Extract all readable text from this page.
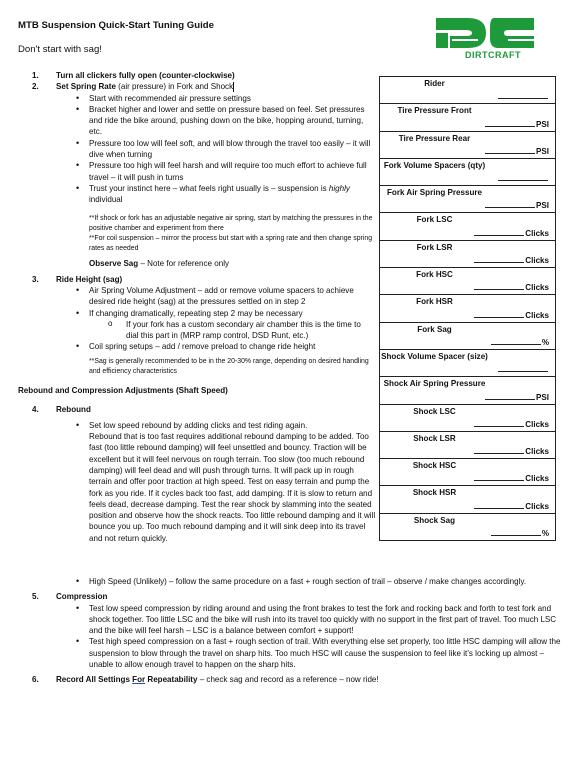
MTB Suspension Quick-Start Tuning Guide
Don't start with sag!	DIRTCRAFT
1.	Turn all clickers fully open (counter-clockwise)
2.	Set Spring Rate (air pressure) in Fork and Shock
• Start with recommended air pressure settings
• Bracket higher and lower and settle on pressure based on feel. Set pressures and ride the bike around, pushing down on the bike, hopping around, turning, etc.
• Pressure too low will feel soft, and will blow through the travel too easily – it will dive when turning
• Pressure too high will feel harsh and will require too much effort to achieve full travel – it will push in turns
• Trust your instinct here – what feels right usually is – suspension is highly individual
**If shock or fork has an adjustable negative air spring, start by matching the pressures in the positive chamber and experiment from there
**For coil suspension – mirror the process but start with a spring rate and then change spring rates as needed
Observe Sag – Note for reference only
3.	Ride Height (sag)
• Air Spring Volume Adjustment – add or remove volume spacers to achieve desired ride height (sag) at the pressures settled on in step 2
• If changing dramatically, repeating step 2 may be necessary
o If your fork has a custom secondary air chamber this is the time to dial this part in (MRP ramp control, DSD Runt, etc.)
• Coil spring setups – add / remove preload to change ride height
**Sag is generally recommended to be in the 20-30% range, depending on desired handling and efficiency characteristics
Rebound and Compression Adjustments (Shaft Speed)
4.	Rebound
• Set low speed rebound by adding clicks and test riding again.
Rebound that is too fast requires additional rebound damping to be added. Too fast (too little rebound damping) will feel unsettled and bouncy. Traction will be excellent but it will feel nervous on rough terrain. Too slow (too much rebound damping) will feel dead and will push through turns. It will pack up in rough terrain and offer poor traction at high speed. Test on easy terrain and pump the fork as you ride. If it cycles back too fast, add damping. If it is slow to return and feels dead, decrease damping. Test the rear shock by slamming into the seated position and observe how the shock reacts. Too little rebound damping and it will bounce you up. Too much rebound damping and it will sink deep into its travel and not return quickly.
• High Speed (Unlikely) – follow the same procedure on a fast + rough section of trail – observe / make changes accordingly.
5.	Compression
• Test low speed compression by riding around and using the front brakes to test the fork and rocking back and forth to test fork and shock together. Too little LSC and the bike will rush into its travel too quickly with no support in the first part of travel. Too much LSC and the bike will feel harsh – LSC is a balance between comfort + support!
• Test high speed compression on a fast + rough section of trail. With everything else set properly, too little HSC damping will allow the suspension to blow through the travel on sharp hits. Too much HSC will cause the suspension to feel like it’s locking up almost – unable to allow enough travel to happen on the sharp hits.
6.	Record All Settings For Repeatability – check sag and record as a reference – now ride!
Rider

Tire Pressure Front
PSI

Tire Pressure Rear
PSI

Fork Volume Spacers (qty)

Fork Air Spring Pressure
PSI

Fork LSC
Clicks

Fork LSR
Clicks

Fork HSC
Clicks

Fork HSR
Clicks

Fork Sag
%

Shock Volume Spacer (size)

Shock Air Spring Pressure
PSI

Shock LSC
Clicks

Shock LSR
Clicks

Shock HSC
Clicks

Shock HSR
Clicks

Shock Sag
%
